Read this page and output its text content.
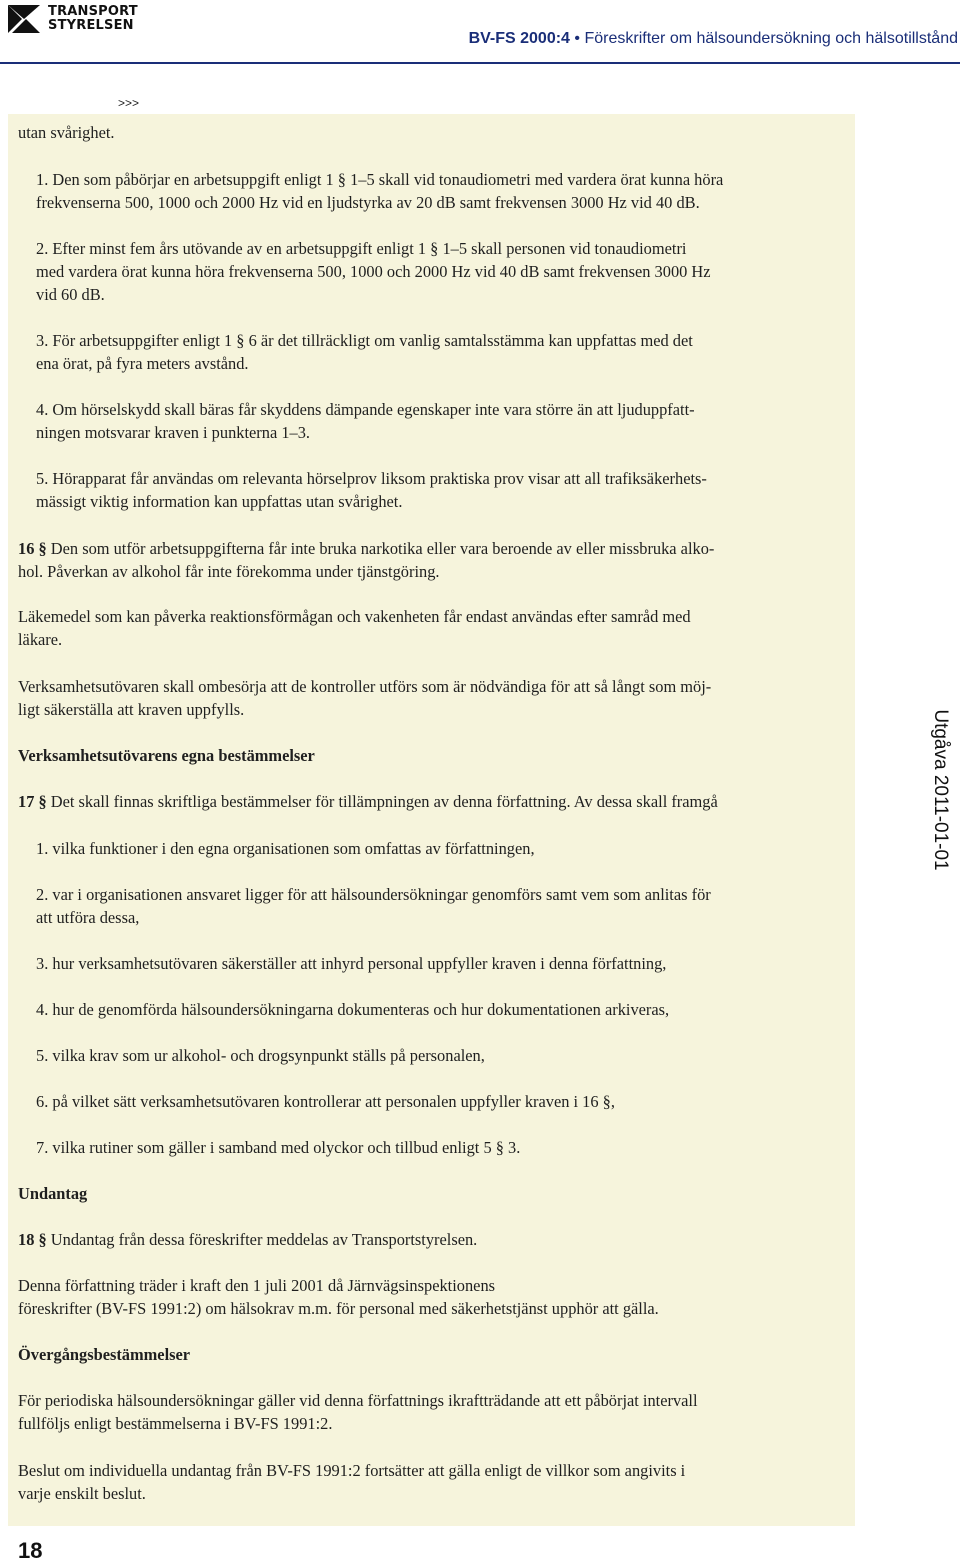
TRANSPORT
STYRELSEN
BV-FS 2000:4 • Föreskrifter om hälsoundersökning och hälsotillstånd
>>>
utan svårighet.
1. Den som påbörjar en arbetsuppgift enligt 1 § 1–5 skall vid tonaudiometri med vardera örat kunna höra
frekvenserna 500, 1000 och 2000 Hz vid en ljudstyrka av 20 dB samt frekvensen 3000 Hz vid 40 dB.
2. Efter minst fem års utövande av en arbetsuppgift enligt 1 § 1–5 skall personen vid tonaudiometri
med vardera örat kunna höra frekvenserna 500, 1000 och 2000 Hz vid 40 dB samt frekvensen 3000 Hz
vid 60 dB.
3. För arbetsuppgifter enligt 1 § 6 är det tillräckligt om vanlig samtalsstämma kan uppfattas med det
ena örat, på fyra meters avstånd.
4. Om hörselskydd skall bäras får skyddens dämpande egenskaper inte vara större än att ljuduppfatt-
ningen motsvarar kraven i punkterna 1–3.
5. Hörapparat får användas om relevanta hörselprov liksom praktiska prov visar att all trafiksäkerhets-
mässigt viktig information kan uppfattas utan svårighet.
16 § Den som utför arbetsuppgifterna får inte bruka narkotika eller vara beroende av eller missbruka alko-
hol. Påverkan av alkohol får inte förekomma under tjänstgöring.
Läkemedel som kan påverka reaktionsförmågan och vakenheten får endast användas efter samråd med
läkare.
Verksamhetsutövaren skall ombesörja att de kontroller utförs som är nödvändiga för att så långt som möj-
ligt säkerställa att kraven uppfylls.
Verksamhetsutövarens egna bestämmelser
17 § Det skall finnas skriftliga bestämmelser för tillämpningen av denna författning. Av dessa skall framgå
1. vilka funktioner i den egna organisationen som omfattas av författningen,
2. var i organisationen ansvaret ligger för att hälsoundersökningar genomförs samt vem som anlitas för
att utföra dessa,
3. hur verksamhetsutövaren säkerställer att inhyrd personal uppfyller kraven i denna författning,
4. hur de genomförda hälsoundersökningarna dokumenteras och hur dokumentationen arkiveras,
5. vilka krav som ur alkohol- och drogsynpunkt ställs på personalen,
6. på vilket sätt verksamhetsutövaren kontrollerar att personalen uppfyller kraven i 16 §,
7. vilka rutiner som gäller i samband med olyckor och tillbud enligt 5 § 3.
Undantag
18 § Undantag från dessa föreskrifter meddelas av Transportstyrelsen.
Denna författning träder i kraft den 1 juli 2001 då Järnvägsinspektionens
föreskrifter (BV-FS 1991:2) om hälsokrav m.m. för personal med säkerhetstjänst upphör att gälla.
Övergångsbestämmelser
För periodiska hälsoundersökningar gäller vid denna författnings ikraftträdande att ett påbörjat intervall
fullföljs enligt bestämmelserna i BV-FS 1991:2.
Beslut om individuella undantag från BV-FS 1991:2 fortsätter att gälla enligt de villkor som angivits i
varje enskilt beslut.
Utgåva 2011-01-01
18
